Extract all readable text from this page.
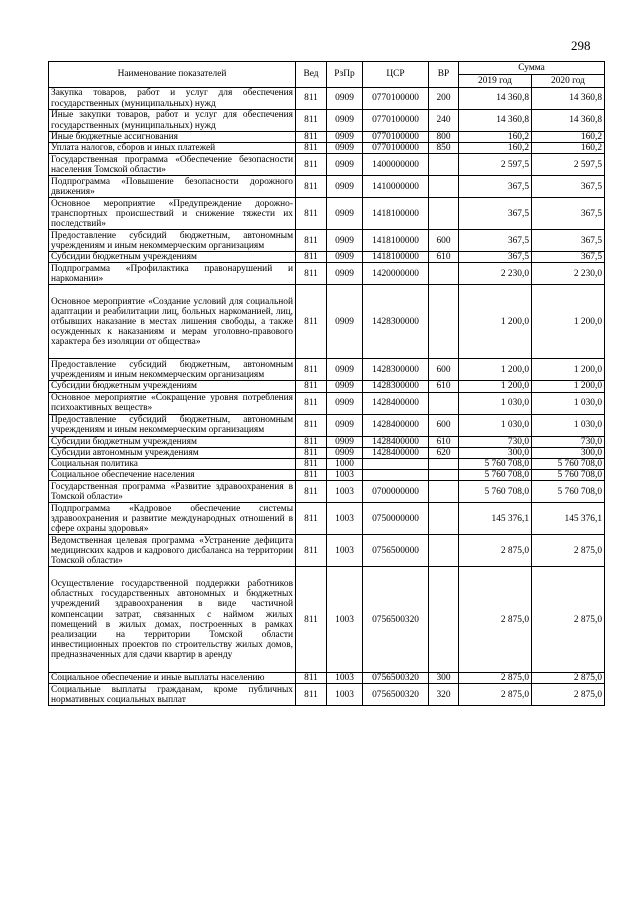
298
Наименование показателей	Вед	РзПр	ЦСР	ВР	Сумма	
					2019 год	2020 год
Закупка товаров, работ и услуг для обеспечения государственных (муниципальных) нужд	811	0909	0770100000	200	14 360,8	14 360,8
Иные закупки товаров, работ и услуг для обеспечения государственных (муниципальных) нужд	811	0909	0770100000	240	14 360,8	14 360,8
Иные бюджетные ассигнования	811	0909	0770100000	800	160,2	160,2
Уплата налогов, сборов и иных платежей	811	0909	0770100000	850	160,2	160,2
Государственная программа «Обеспечение безопасности населения Томской области»	811	0909	1400000000		2 597,5	2 597,5
Подпрограмма «Повышение безопасности дорожного движения»	811	0909	1410000000		367,5	367,5
Основное мероприятие «Предупреждение дорожно-транспортных происшествий и снижение тяжести их последствий»	811	0909	1418100000		367,5	367,5
Предоставление субсидий бюджетным, автономным учреждениям и иным некоммерческим организациям	811	0909	1418100000	600	367,5	367,5
Субсидии бюджетным учреждениям	811	0909	1418100000	610	367,5	367,5
Подпрограмма «Профилактика правонарушений и наркомании»	811	0909	1420000000		2 230,0	2 230,0
Основное мероприятие «Создание условий для социальной адаптации и реабилитации лиц, больных наркоманией, лиц, отбывших наказание в местах лишения свободы, а также осужденных к наказаниям и мерам уголовно-правового характера без изоляции от общества»	811	0909	1428300000		1 200,0	1 200,0
Предоставление субсидий бюджетным, автономным учреждениям и иным некоммерческим организациям	811	0909	1428300000	600	1 200,0	1 200,0
Субсидии бюджетным учреждениям	811	0909	1428300000	610	1 200,0	1 200,0
Основное мероприятие «Сокращение уровня потребления психоактивных веществ»	811	0909	1428400000		1 030,0	1 030,0
Предоставление субсидий бюджетным, автономным учреждениям и иным некоммерческим организациям	811	0909	1428400000	600	1 030,0	1 030,0
Субсидии бюджетным учреждениям	811	0909	1428400000	610	730,0	730,0
Субсидии автономным учреждениям	811	0909	1428400000	620	300,0	300,0
Социальная политика	811	1000			5 760 708,0	5 760 708,0
Социальное обеспечение населения	811	1003			5 760 708,0	5 760 708,0
Государственная программа «Развитие здравоохранения в Томской области»	811	1003	0700000000		5 760 708,0	5 760 708,0
Подпрограмма «Кадровое обеспечение системы здравоохранения и развитие международных отношений в сфере охраны здоровья»	811	1003	0750000000		145 376,1	145 376,1
Ведомственная целевая программа «Устранение дефицита медицинских кадров и кадрового дисбаланса на территории Томской области»	811	1003	0756500000		2 875,0	2 875,0
Осуществление государственной поддержки работников областных государственных автономных и бюджетных учреждений здравоохранения в виде частичной компенсации затрат, связанных с наймом жилых помещений в жилых домах, построенных в рамках реализации на территории Томской области инвестиционных проектов по строительству жилых домов, предназначенных для сдачи квартир в аренду	811	1003	0756500320		2 875,0	2 875,0
Социальное обеспечение и иные выплаты населению	811	1003	0756500320	300	2 875,0	2 875,0
Социальные выплаты гражданам, кроме публичных нормативных социальных выплат	811	1003	0756500320	320	2 875,0	2 875,0
